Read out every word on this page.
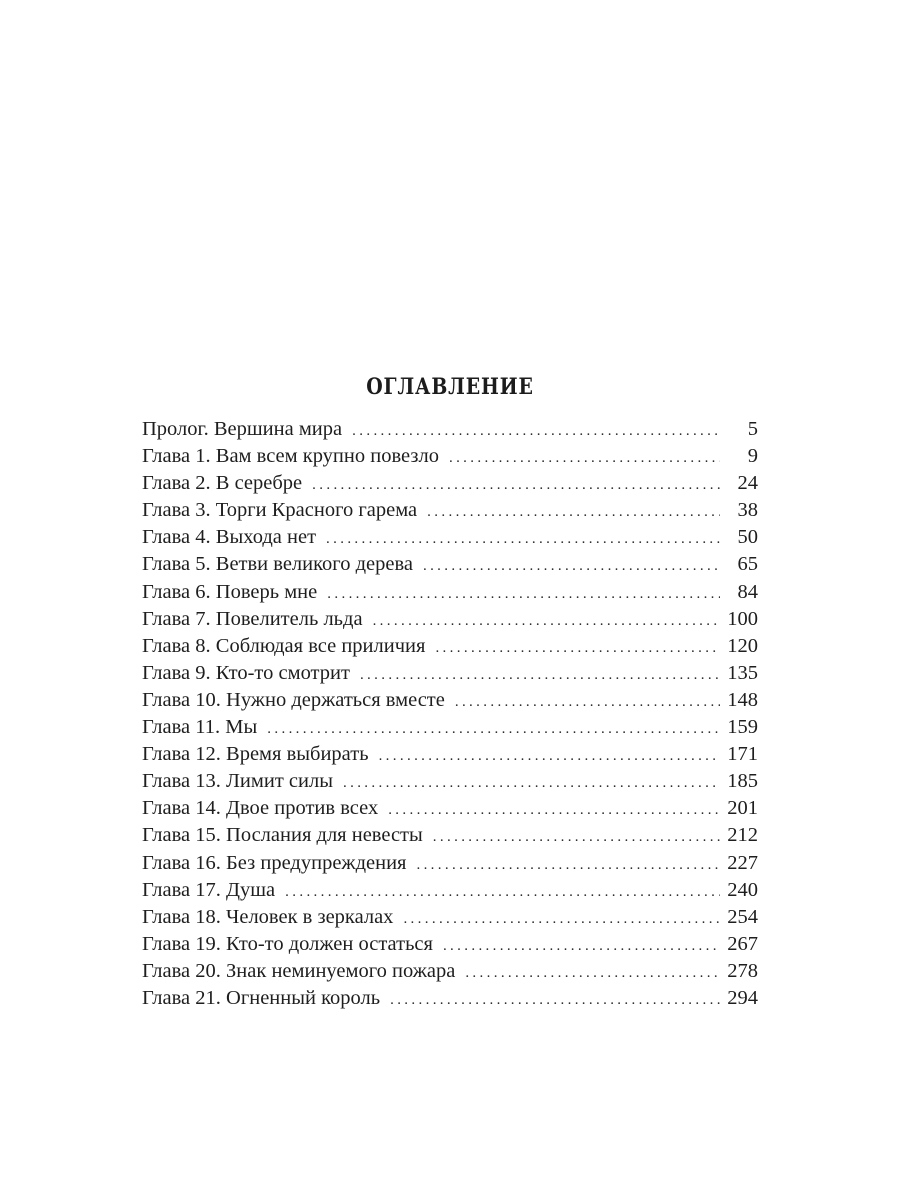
ОГЛАВЛЕНИЕ
Пролог. Вершина мира . . .	5
Глава 1. Вам всем крупно повезло . . .	9
Глава 2. В серебре . . .	24
Глава 3. Торги Красного гарема . . .	38
Глава 4. Выхода нет . . .	50
Глава 5. Ветви великого дерева . . .	65
Глава 6. Поверь мне . . .	84
Глава 7. Повелитель льда . . .	100
Глава 8. Соблюдая все приличия . . .	120
Глава 9. Кто-то смотрит . . .	135
Глава 10. Нужно держаться вместе . . .	148
Глава 11. Мы . . .	159
Глава 12. Время выбирать . . .	171
Глава 13. Лимит силы . . .	185
Глава 14. Двое против всех . . .	201
Глава 15. Послания для невесты . . .	212
Глава 16. Без предупреждения . . .	227
Глава 17. Душа . . .	240
Глава 18. Человек в зеркалах . . .	254
Глава 19. Кто-то должен остаться . . .	267
Глава 20. Знак неминуемого пожара . . .	278
Глава 21. Огненный король . . .	294
